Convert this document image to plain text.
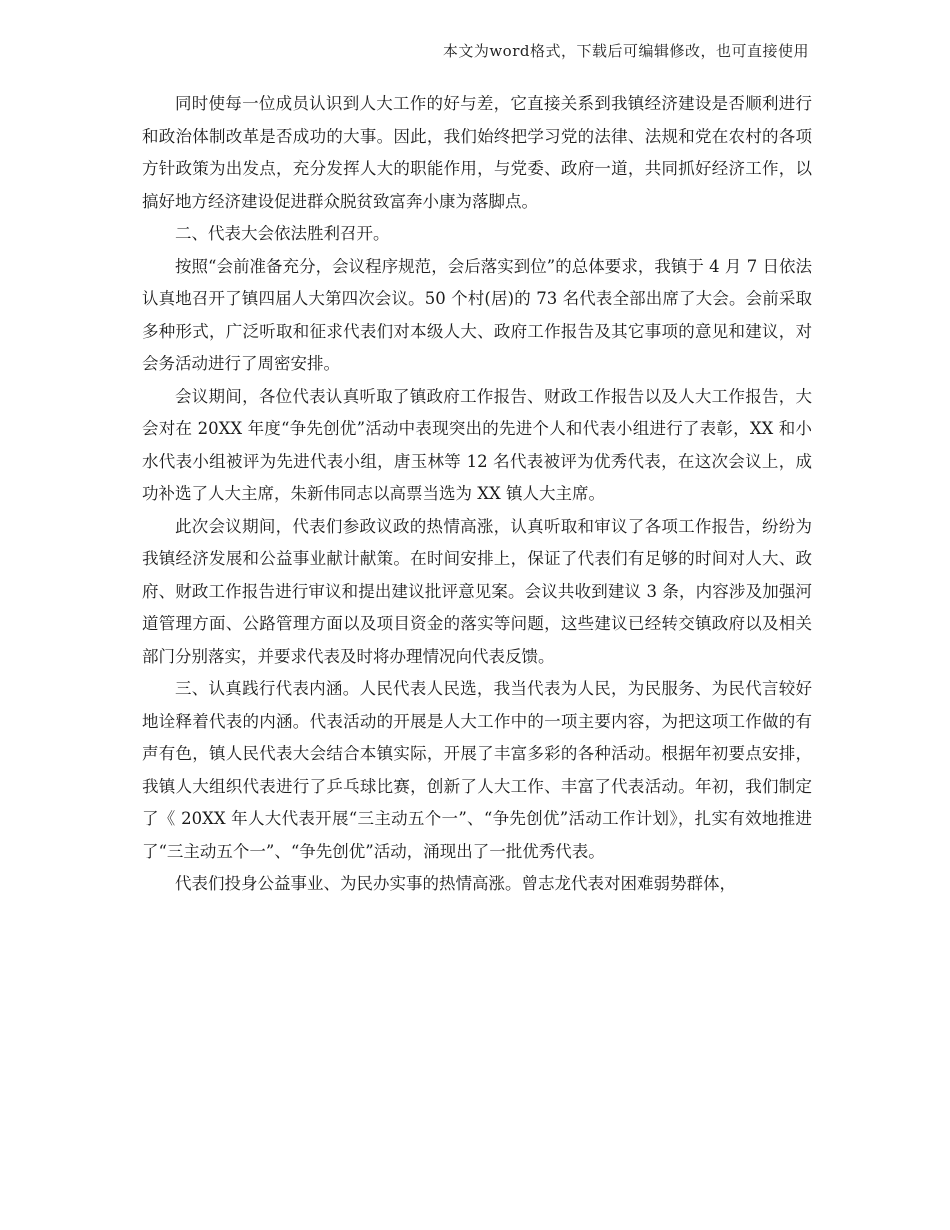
本文为word格式，下载后可编辑修改，也可直接使用

同时使每一位成员认识到人大工作的好与差，它直接关系到我镇经济建设是否顺利进行和政治体制改革是否成功的大事。因此，我们始终把学习党的法律、法规和党在农村的各项方针政策为出发点，充分发挥人大的职能作用，与党委、政府一道，共同抓好经济工作，以搞好地方经济建设促进群众脱贫致富奔小康为落脚点。

二、代表大会依法胜利召开。

按照“会前准备充分，会议程序规范，会后落实到位”的总体要求，我镇于 4 月 7 日依法认真地召开了镇四届人大第四次会议。50 个村(居)的 73 名代表全部出席了大会。会前采取多种形式，广泛听取和征求代表们对本级人大、政府工作报告及其它事项的意见和建议，对会务活动进行了周密安排。

会议期间，各位代表认真听取了镇政府工作报告、财政工作报告以及人大工作报告，大会对在 20XX 年度“争先创优”活动中表现突出的先进个人和代表小组进行了表彰，XX 和小水代表小组被评为先进代表小组，唐玉林等 12 名代表被评为优秀代表，在这次会议上，成功补选了人大主席，朱新伟同志以高票当选为 XX 镇人大主席。

此次会议期间，代表们参政议政的热情高涨，认真听取和审议了各项工作报告，纷纷为我镇经济发展和公益事业献计献策。在时间安排上，保证了代表们有足够的时间对人大、政府、财政工作报告进行审议和提出建议批评意见案。会议共收到建议 3 条，内容涉及加强河道管理方面、公路管理方面以及项目资金的落实等问题，这些建议已经转交镇政府以及相关部门分别落实，并要求代表及时将办理情况向代表反馈。

三、认真践行代表内涵。人民代表人民选，我当代表为人民，为民服务、为民代言较好地诠释着代表的内涵。代表活动的开展是人大工作中的一项主要内容，为把这项工作做的有声有色，镇人民代表大会结合本镇实际，开展了丰富多彩的各种活动。根据年初要点安排，我镇人大组织代表进行了乒乓球比赛，创新了人大工作、丰富了代表活动。年初，我们制定了《 20XX 年人大代表开展“三主动五个一”、“争先创优”活动工作计划》，扎实有效地推进了“三主动五个一”、“争先创优”活动，涌现出了一批优秀代表。

代表们投身公益事业、为民办实事的热情高涨。曾志龙代表对困难弱势群体，
